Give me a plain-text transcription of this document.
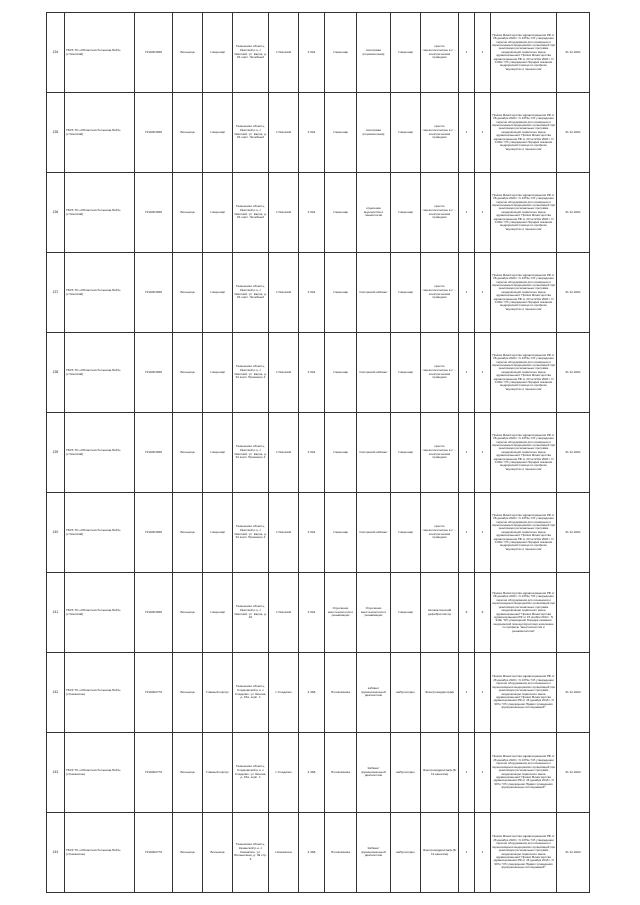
134	ГБУЗ ТО «Областная больница №13» (с.Уватский)	7216001666	Больница	стационар	Тюменская область, Уватский р-н, с Уватский, ул. Карла, д. 91 корп. Лечебный	с.Уватский	2 024	стационар	смотровая (перевязочная)	стационар	кресло гинекологическое в с ... электрическим приводом	1	1	Приказ Министерства здравоохранения РФ от 28 декабря 2020 г. N 1379н "Об утверждении перечня оборудования для оснащения и переоснащения медицинских организаций при реализации региональных программ модернизации первичного звена здравоохранения" Приказ Министерства здравоохранения РФ от 20 октября 2020 г. N 1130н "Об утверждении Порядка оказания медицинской помощи по профилю "акушерство и гинекология"	31.12.2021
135	ГБУЗ ТО «Областная больница №13» (с.Уватский)	7216001666	Больница	стационар	Тюменская область, Уватский р-н, с Уватский, ул. Карла, д. 91 корп. Лечебный	с.Уватский	2 024	стационар	смотровая (перевязочная)	стационар	кресло гинекологическое в с ... электрическим приводом	1	1	Приказ Министерства здравоохранения РФ от 28 декабря 2020 г. N 1379н "Об утверждении перечня оборудования для оснащения и переоснащения медицинских организаций при реализации региональных программ модернизации первичного звена здравоохранения" Приказ Министерства здравоохранения РФ от 20 октября 2020 г. N 1130н "Об утверждении Порядка оказания медицинской помощи по профилю "акушерство и гинекология"	31.12.2021
136	ГБУЗ ТО «Областная больница №13» (с.Уватский)	7216001666	Больница	стационар	Тюменская область, Уватский р-н, с Уватский, ул. Карла, д. 91 корп. Лечебный	с.Уватский	2 024	стационар	отделение акушерства и гинекологии	стационар	кресло гинекологическое в с ... электрическим приводом	1	1	Приказ Министерства здравоохранения РФ от 28 декабря 2020 г. N 1379н "Об утверждении перечня оборудования для оснащения и переоснащения медицинских организаций при реализации региональных программ модернизации первичного звена здравоохранения" Приказ Министерства здравоохранения РФ от 20 октября 2020 г. N 1130н "Об утверждении Порядка оказания медицинской помощи по профилю "акушерство и гинекология"	31.12.2021
137	ГБУЗ ТО «Областная больница №13» (с.Уватский)	7216001666	Больница	стационар	Тюменская область, Уватский р-н, с Уватский, ул. Карла, д. 91 корп. Лечебный	с.Уватский	2 024	стационар	Смотровой кабинет	стационар	кресло гинекологическое в с ... электрическим приводом	1	1	Приказ Министерства здравоохранения РФ от 28 декабря 2020 г. N 1379н "Об утверждении перечня оборудования для оснащения и переоснащения медицинских организаций при реализации региональных программ модернизации первичного звена здравоохранения" Приказ Министерства здравоохранения РФ от 20 октября 2020 г. N 1130н "Об утверждении Порядка оказания медицинской помощи по профилю "акушерство и гинекология"	31.12.2021
138	ГБУЗ ТО «Областная больница №13» (с.Уватский)	7216001666	Больница	стационар	Тюменская область, Уватский р-н, с Уватский, ул. Карла, д. 91 корп. Приемное 3	с.Уватский	2 024	стационар	Смотровой кабинет	стационар	кресло гинекологическое в с ... электрическим приводом	1	1	Приказ Министерства здравоохранения РФ от 28 декабря 2020 г. N 1379н "Об утверждении перечня оборудования для оснащения и переоснащения медицинских организаций при реализации региональных программ модернизации первичного звена здравоохранения" Приказ Министерства здравоохранения РФ от 20 октября 2020 г. N 1130н "Об утверждении Порядка оказания медицинской помощи по профилю "акушерство и гинекология"	31.12.2021
139	ГБУЗ ТО «Областная больница №13» (с.Уватский)	7216001666	Больница	стационар	Тюменская область, Уватский р-н, с Уватский, ул. Карла, д. 91 корп. Приемное 3	с.Уватский	2 024	стационар	Смотровой кабинет	стационар	кресло гинекологическое в с ... электрическим приводом	1	1	Приказ Министерства здравоохранения РФ от 28 декабря 2020 г. N 1379н "Об утверждении перечня оборудования для оснащения и переоснащения медицинских организаций при реализации региональных программ модернизации первичного звена здравоохранения" Приказ Министерства здравоохранения РФ от 20 октября 2020 г. N 1130н "Об утверждении Порядка оказания медицинской помощи по профилю "акушерство и гинекология"	31.12.2021
140	ГБУЗ ТО «Областная больница №13» (с.Уватский)	7216001666	Больница	стационар	Тюменская область, Уватский р-н, с Уватский, ул. Карла, д. 91 корп. Приемное 3	с.Уватский	2 024	стационар	Смотровой кабинет	стационар	кресло гинекологическое в с ... электрическим приводом	1	1	Приказ Министерства здравоохранения РФ от 28 декабря 2020 г. N 1379н "Об утверждении перечня оборудования для оснащения и переоснащения медицинских организаций при реализации региональных программ модернизации первичного звена здравоохранения" Приказ Министерства здравоохранения РФ от 20 октября 2020 г. N 1130н "Об утверждении Порядка оказания медицинской помощи по профилю "акушерство и гинекология"	31.12.2021
141	ГБУЗ ТО «Областная больница №13» (с.Уватский)	7216001666	Больница	стационар	Тюменская область, Уватский р-н, с Уватский, ул. Карла, д. 91	с.Уватский	2 024	Отделение анестезиологии и реанимации	Отделение анестезиологии и реанимации	стационар	Автоматический дефибриллятор	6	6	Приказ Министерства здравоохранения РФ от 28 декабря 2020 г. N 1379н "Об утверждении перечня оборудования для оснащения и переоснащения медицинских организаций при реализации региональных программ модернизации первичного звена здравоохранения" Приказ Министерства здравоохранения РФ от 15 ноября 2012 г. N 919н "Об утверждении Порядка оказания медицинской помощи взрослому населению по профилю "анестезиология и реаниматология"	
142	ГБУЗ ТО «Областная больница №14» (с.Казанское)	7216002770	Больница	Главный корпус	Тюменская область, Сладковский р-н, с Сладково, ул Ленина, д. 15а, корп. 1	с.Сладково	4 468	Поликлиника	кабинет функциональной диагностики	амбулаторно	Электрокардиограф	1	1	Приказ Министерства здравоохранения РФ от 28 декабря 2020 г. N 1379н "Об утверждении перечня оборудования для оснащения и переоснащения медицинских организаций при реализации региональных программ модернизации первичного звена здравоохранения" Приказ Министерства здравоохранения РФ от 26 декабря 2016 г. N 997н "Об утверждении Правил проведения функциональных исследований"	31.12.2022
143	ГБУЗ ТО «Областная больница №14» (с.Казанское)	7216002770	Больница	Главный корпус	Тюменская область, Сладковский р-н, с Сладково, ул Ленина, д. 15а, корп. 1	с.Сладково	4 468	Поликлиника	Кабинет функциональной диагностики	амбулаторно	Электрокардиограф (6/ 12 каналов)	1	1	Приказ Министерства здравоохранения РФ от 28 декабря 2020 г. N 1379н "Об утверждении перечня оборудования для оснащения и переоснащения медицинских организаций при реализации региональных программ модернизации первичного звена здравоохранения" Приказ Министерства здравоохранения РФ от 26 декабря 2016 г. N 997н "Об утверждении Правил проведения функциональных исследований"	31.12.2022
144	ГБУЗ ТО «Областная больница №14» (с.Казанское)	7216002770	Больница	Больница	Тюменская область, Казанский р-н, с Казанское, ул. Больничная, д. 39 стр. 3	с.Казанское	4 468	Поликлиника	Кабинет функциональной диагностики	амбулаторно	Электрокардиограф (6/ 12 каналов)	1	1	Приказ Министерства здравоохранения РФ от 28 декабря 2020 г. N 1379н "Об утверждении перечня оборудования для оснащения и переоснащения медицинских организаций при реализации региональных программ модернизации первичного звена здравоохранения" Приказ Министерства здравоохранения РФ от 26 декабря 2016 г. N 997н "Об утверждении Правил проведения функциональных исследований"	31.12.2022
